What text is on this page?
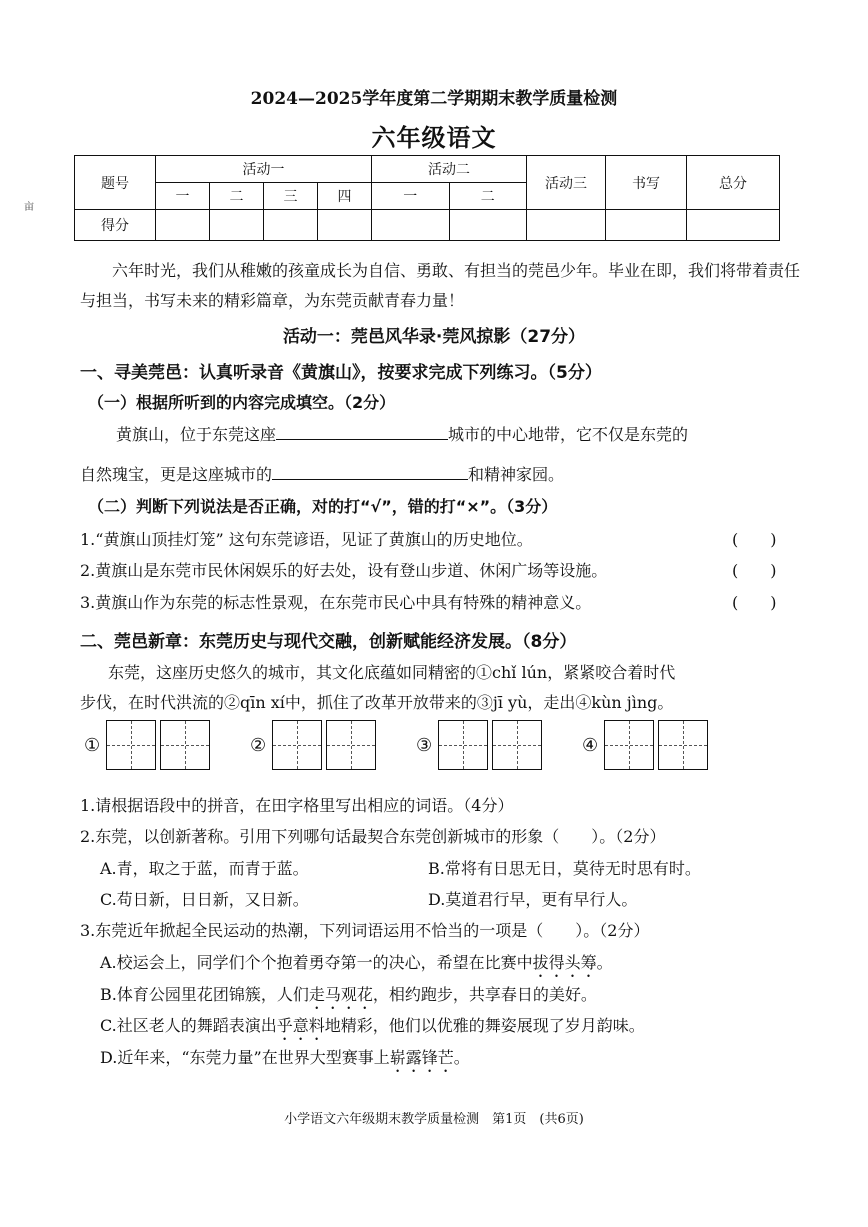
亩
2024—2025学年度第二学期期末教学质量检测
六年级语文
题号	活动一				活动二		活动三	书写	总分
	一	二	三	四	一	二			
得分									
六年时光，我们从稚嫩的孩童成长为自信、勇敢、有担当的莞邑少年。毕业在即，我们将带着责任与担当，书写未来的精彩篇章，为东莞贡献青春力量！
活动一：莞邑风华录·莞风掠影（27分）
一、寻美莞邑：认真听录音《黄旗山》，按要求完成下列练习。（5分）
（一）根据所听到的内容完成填空。（2分）
黄旗山，位于东莞这座	城市的中心地带，它不仅是东莞的
自然瑰宝，更是这座城市的	和精神家园。
（二）判断下列说法是否正确，对的打“√”，错的打“×”。（3分）
1.“黄旗山顶挂灯笼” 这句东莞谚语，见证了黄旗山的历史地位。	(　　)
2.黄旗山是东莞市民休闲娱乐的好去处，设有登山步道、休闲广场等设施。	(　　)
3.黄旗山作为东莞的标志性景观，在东莞市民心中具有特殊的精神意义。	(　　)
二、莞邑新章：东莞历史与现代交融，创新赋能经济发展。（8分）
东莞，这座历史悠久的城市，其文化底蕴如同精密的①chǐ lún，紧紧咬合着时代
步伐，在时代洪流的②qīn xí中，抓住了改革开放带来的③jī yù，走出④kùn jìng。
①	②	③	④
1.请根据语段中的拼音，在田字格里写出相应的词语。（4分）
2.东莞，以创新著称。引用下列哪句话最契合东莞创新城市的形象（　　）。（2分）
A.青，取之于蓝，而青于蓝。	B.常将有日思无日，莫待无时思有时。
C.苟日新，日日新，又日新。	D.莫道君行早，更有早行人。
3.东莞近年掀起全民运动的热潮，下列词语运用不恰当的一项是（　　）。（2分）
A.校运会上，同学们个个抱着勇夺第一的决心，希望在比赛中拔得头筹。
B.体育公园里花团锦簇，人们走马观花，相约跑步，共享春日的美好。
C.社区老人的舞蹈表演出乎意料地精彩，他们以优雅的舞姿展现了岁月韵味。
D.近年来，“东莞力量”在世界大型赛事上崭露锋芒。
小学语文六年级期末教学质量检测　第1页　(共6页)
